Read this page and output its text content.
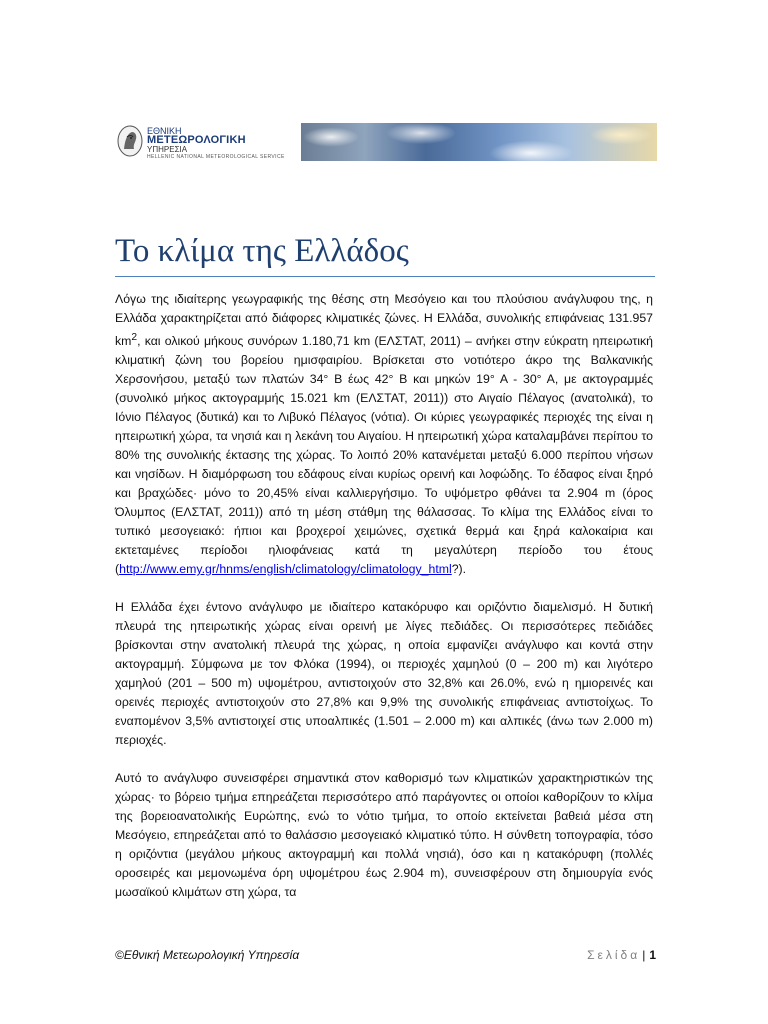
ΕΘΝΙΚΗ
ΜΕΤΕΩΡΟΛΟΓΙΚΗ
ΥΠΗΡΕΣΙΑ
HELLENIC NATIONAL METEOROLOGICAL SERVICE
Το κλίμα της Ελλάδος

Λόγω της ιδιαίτερης γεωγραφικής της θέσης στη Μεσόγειο και του πλούσιου ανάγλυφου της, η Ελλάδα χαρακτηρίζεται από διάφορες κλιματικές ζώνες. Η Ελλάδα, συνολικής επιφάνειας 131.957 $km^2$, και ολικού μήκους συνόρων 1.180,71 km (ΕΛΣΤΑΤ, 2011) – ανήκει στην εύκρατη ηπειρωτική κλιματική ζώνη του βορείου ημισφαιρίου. Βρίσκεται στο νοτιότερο άκρο της Βαλκανικής Χερσονήσου, μεταξύ των πλατών 34° Β έως 42° Β και μηκών 19° Α - 30° Α, με ακτογραμμές (συνολικό μήκος ακτογραμμής 15.021 km (ΕΛΣΤΑΤ, 2011)) στο Αιγαίο Πέλαγος (ανατολικά), το Ιόνιο Πέλαγος (δυτικά) και το Λιβυκό Πέλαγος (νότια). Οι κύριες γεωγραφικές περιοχές της είναι η ηπειρωτική χώρα, τα νησιά και η λεκάνη του Αιγαίου. Η ηπειρωτική χώρα καταλαμβάνει περίπου το 80% της συνολικής έκτασης της χώρας. Το λοιπό 20% κατανέμεται μεταξύ 6.000 περίπου νήσων και νησίδων. Η διαμόρφωση του εδάφους είναι κυρίως ορεινή και λοφώδης. Το έδαφος είναι ξηρό και βραχώδες· μόνο το 20,45% είναι καλλιεργήσιμο. Το υψόμετρο φθάνει τα 2.904 m (όρος Όλυμπος (ΕΛΣΤΑΤ, 2011)) από τη μέση στάθμη της θάλασσας. Το κλίμα της Ελλάδος είναι το τυπικό μεσογειακό: ήπιοι και βροχεροί χειμώνες, σχετικά θερμά και ξηρά καλοκαίρια και εκτεταμένες περίοδοι ηλιοφάνειας κατά τη μεγαλύτερη περίοδο του έτους (http://www.emy.gr/hnms/english/climatology/climatology_html?).

Η Ελλάδα έχει έντονο ανάγλυφο με ιδιαίτερο κατακόρυφο και οριζόντιο διαμελισμό. Η δυτική πλευρά της ηπειρωτικής χώρας είναι ορεινή με λίγες πεδιάδες. Οι περισσότερες πεδιάδες βρίσκονται στην ανατολική πλευρά της χώρας, η οποία εμφανίζει ανάγλυφο και κοντά στην ακτογραμμή. Σύμφωνα με τον Φλόκα (1994), οι περιοχές χαμηλού (0 – 200 m) και λιγότερο χαμηλού (201 – 500 m) υψομέτρου, αντιστοιχούν στο 32,8% και 26.0%, ενώ η ημιορεινές και ορεινές περιοχές αντιστοιχούν στο 27,8% και 9,9% της συνολικής επιφάνειας αντιστοίχως. Το εναπομένον 3,5% αντιστοιχεί στις υποαλπικές (1.501 – 2.000 m) και αλπικές (άνω των 2.000 m) περιοχές.

Αυτό το ανάγλυφο συνεισφέρει σημαντικά στον καθορισμό των κλιματικών χαρακτηριστικών της χώρας· το βόρειο τμήμα επηρεάζεται περισσότερο από παράγοντες οι οποίοι καθορίζουν το κλίμα της βορειοανατολικής Ευρώπης, ενώ το νότιο τμήμα, το οποίο εκτείνεται βαθειά μέσα στη Μεσόγειο, επηρεάζεται από το θαλάσσιο μεσογειακό κλιματικό τύπο. Η σύνθετη τοπογραφία, τόσο η οριζόντια (μεγάλου μήκους ακτογραμμή και πολλά νησιά), όσο και η κατακόρυφη (πολλές οροσειρές και μεμονωμένα όρη υψομέτρου έως 2.904 m), συνεισφέρουν στη δημιουργία ενός μωσαϊκού κλιμάτων στη χώρα, τα

©Εθνική Μετεωρολογική Υπηρεσία	Σελίδα | 1
